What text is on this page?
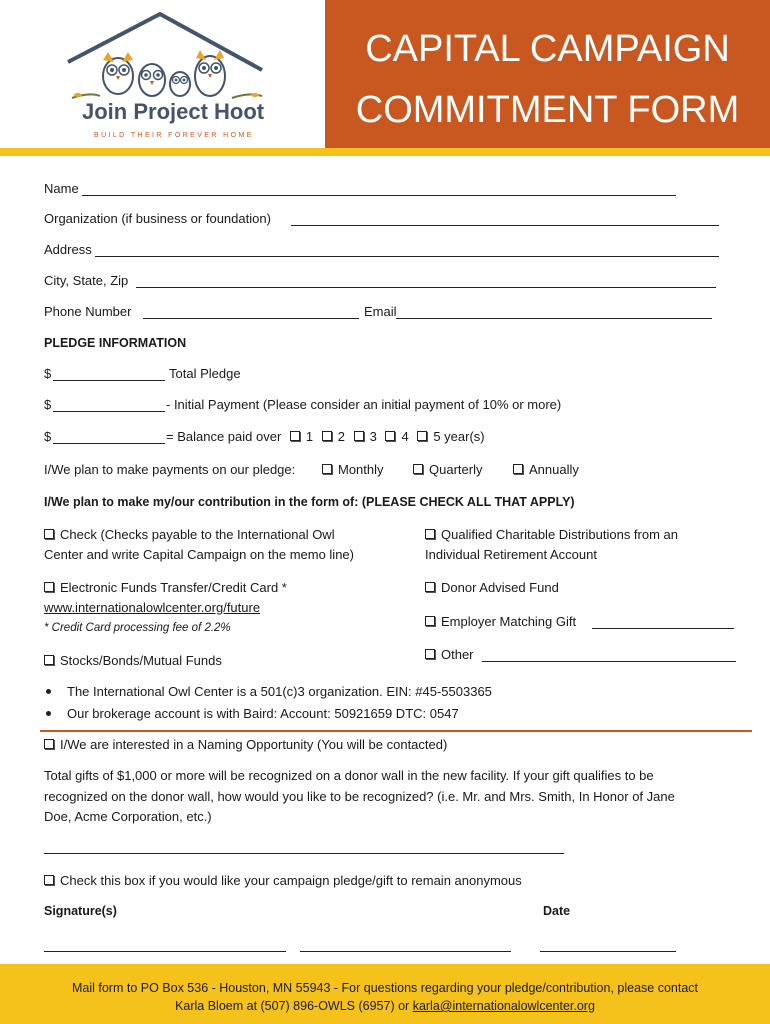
Join Project Hoot
BUILD THEIR FOREVER HOME
CAPITAL CAMPAIGN
COMMITMENT FORM
Name
Organization (if business or foundation)
Address
City, State, Zip
Phone Number	Email
PLEDGE INFORMATION
$	Total Pledge
$	- Initial Payment (Please consider an initial payment of 10% or more)
$	= Balance paid over 1 2 3 4 5 year(s)
I/We plan to make payments on our pledge:	Monthly	Quarterly	Annually
I/We plan to make my/our contribution in the form of: (PLEASE CHECK ALL THAT APPLY)
Check (Checks payable to the International Owl
Center and write Capital Campaign on the memo line)
Qualified Charitable Distributions from an
Individual Retirement Account
Electronic Funds Transfer/Credit Card *
www.internationalowlcenter.org/future
* Credit Card processing fee of 2.2%
Donor Advised Fund
Employer Matching Gift
Other
Stocks/Bonds/Mutual Funds
The International Owl Center is a 501(c)3 organization. EIN: #45-5503365
Our brokerage account is with Baird: Account: 50921659 DTC: 0547
I/We are interested in a Naming Opportunity (You will be contacted)
Total gifts of $1,000 or more will be recognized on a donor wall in the new facility. If your gift qualifies to be
recognized on the donor wall, how would you like to be recognized? (i.e. Mr. and Mrs. Smith, In Honor of Jane
Doe, Acme Corporation, etc.)
Check this box if you would like your campaign pledge/gift to remain anonymous
Signature(s)	Date
Mail form to PO Box 536 - Houston, MN 55943 - For questions regarding your pledge/contribution, please contact
Karla Bloem at (507) 896-OWLS (6957) or karla@internationalowlcenter.org
